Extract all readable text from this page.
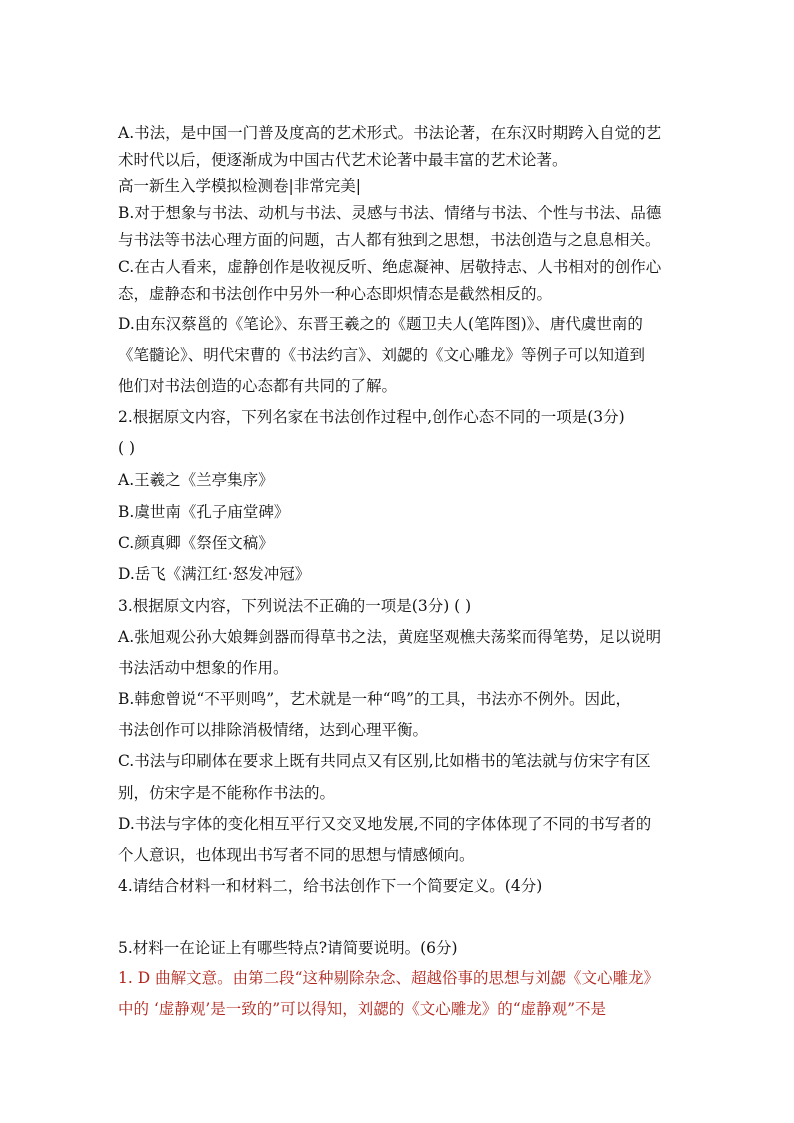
A.书法，是中国一门普及度高的艺术形式。书法论著，在东汉时期跨入自觉的艺
术时代以后，便逐渐成为中国古代艺术论著中最丰富的艺术论著。
高一新生入学模拟检测卷|非常完美|
B.对于想象与书法、动机与书法、灵感与书法、情绪与书法、个性与书法、品德
与书法等书法心理方面的问题，古人都有独到之思想，书法创造与之息息相关。
C.在古人看来，虚静创作是收视反听、绝虑凝神、居敬持志、人书相对的创作心
态，虚静态和书法创作中另外一种心态即炽情态是截然相反的。
D.由东汉蔡邕的《笔论》、东晋王羲之的《题卫夫人(笔阵图)》、唐代虞世南的
《笔髓论》、明代宋曹的《书法约言》、刘勰的《文心雕龙》等例子可以知道到
他们对书法创造的心态都有共同的了解。
2.根据原文内容，下列名家在书法创作过程中,创作心态不同的一项是(3分)
( )
A.王羲之《兰亭集序》
B.虞世南《孔子庙堂碑》
C.颜真卿《祭侄文稿》
D.岳飞《满江红·怒发冲冠》
3.根据原文内容，下列说法不正确的一项是(3分) ( )
A.张旭观公孙大娘舞剑器而得草书之法，黄庭坚观樵夫荡桨而得笔势，足以说明
书法活动中想象的作用。
B.韩愈曾说“不平则鸣”，艺术就是一种“鸣”的工具，书法亦不例外。因此，
书法创作可以排除消极情绪，达到心理平衡。
C.书法与印刷体在要求上既有共同点又有区别,比如楷书的笔法就与仿宋字有区
别，仿宋字是不能称作书法的。
D.书法与字体的变化相互平行又交叉地发展,不同的字体体现了不同的书写者的
个人意识，也体现出书写者不同的思想与情感倾向。
4.请结合材料一和材料二，给书法创作下一个简要定义。(4分)
5.材料一在论证上有哪些特点?请简要说明。(6分)
1. D 曲解文意。由第二段“这种剔除杂念、超越俗事的思想与刘勰《文心雕龙》
中的 ‘虚静观’是一致的”可以得知，刘勰的《文心雕龙》的“虚静观”不是
